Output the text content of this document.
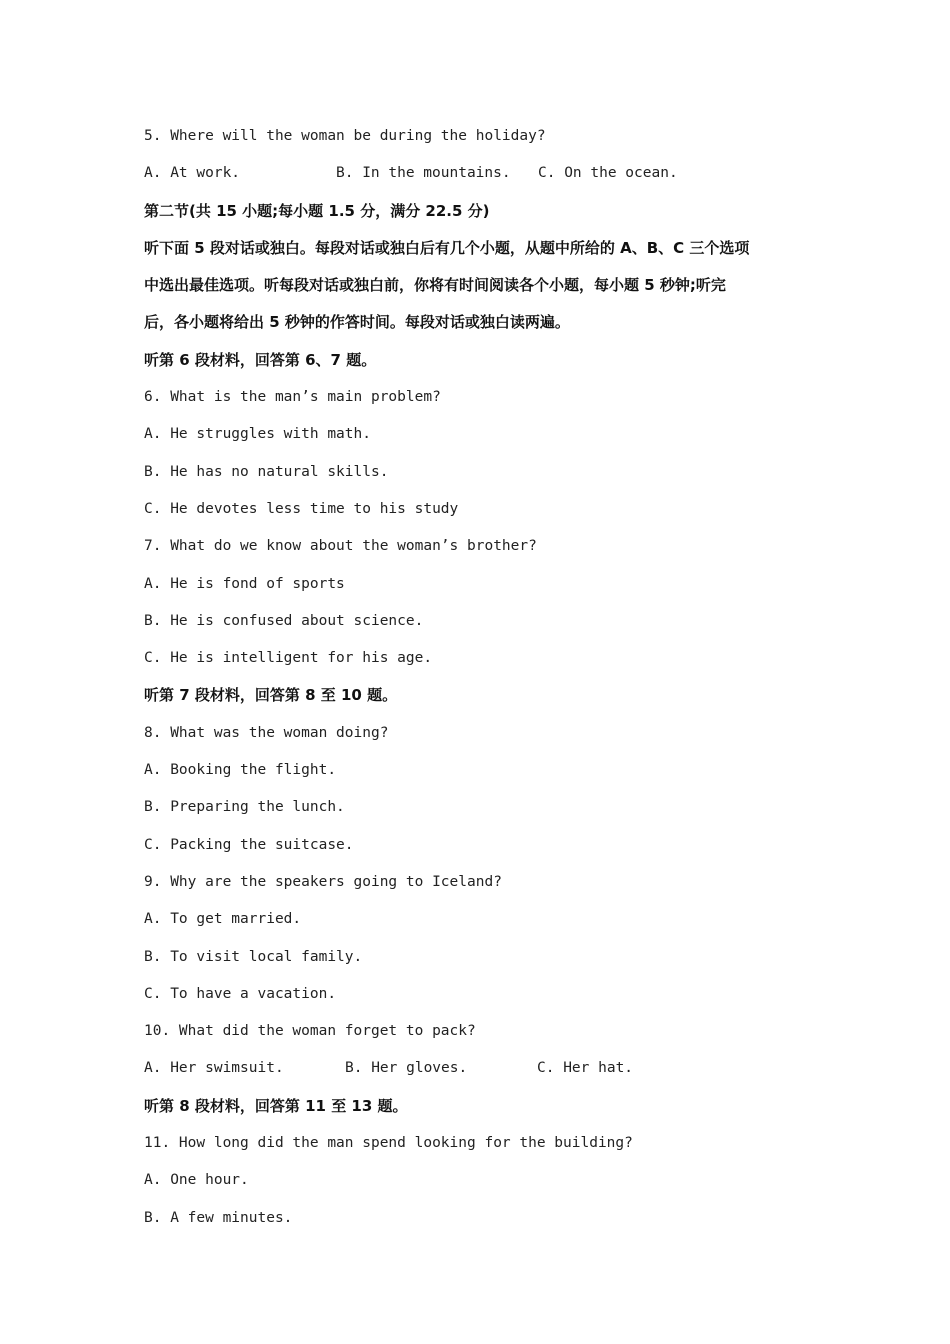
5. Where will the woman be during the holiday?
A. At work.	B. In the mountains.	C. On the ocean.
第二节(共 15 小题;每小题 1.5 分，满分 22.5 分)
听下面 5 段对话或独白。每段对话或独白后有几个小题，从题中所给的 A、B、C 三个选项
中选出最佳选项。听每段对话或独白前，你将有时间阅读各个小题，每小题 5 秒钟;听完
后，各小题将给出 5 秒钟的作答时间。每段对话或独白读两遍。
听第 6 段材料，回答第 6、7 题。
6. What is the man’s main problem?
A. He struggles with math.
B. He has no natural skills.
C. He devotes less time to his study
7. What do we know about the woman’s brother?
A. He is fond of sports
B. He is confused about science.
C. He is intelligent for his age.
听第 7 段材料，回答第 8 至 10 题。
8. What was the woman doing?
A. Booking the flight.
B. Preparing the lunch.
C. Packing the suitcase.
9. Why are the speakers going to Iceland?
A. To get married.
B. To visit local family.
C. To have a vacation.
10. What did the woman forget to pack?
A. Her swimsuit.	B. Her gloves.	C. Her hat.
听第 8 段材料，回答第 11 至 13 题。
11. How long did the man spend looking for the building?
A. One hour.
B. A few minutes.
